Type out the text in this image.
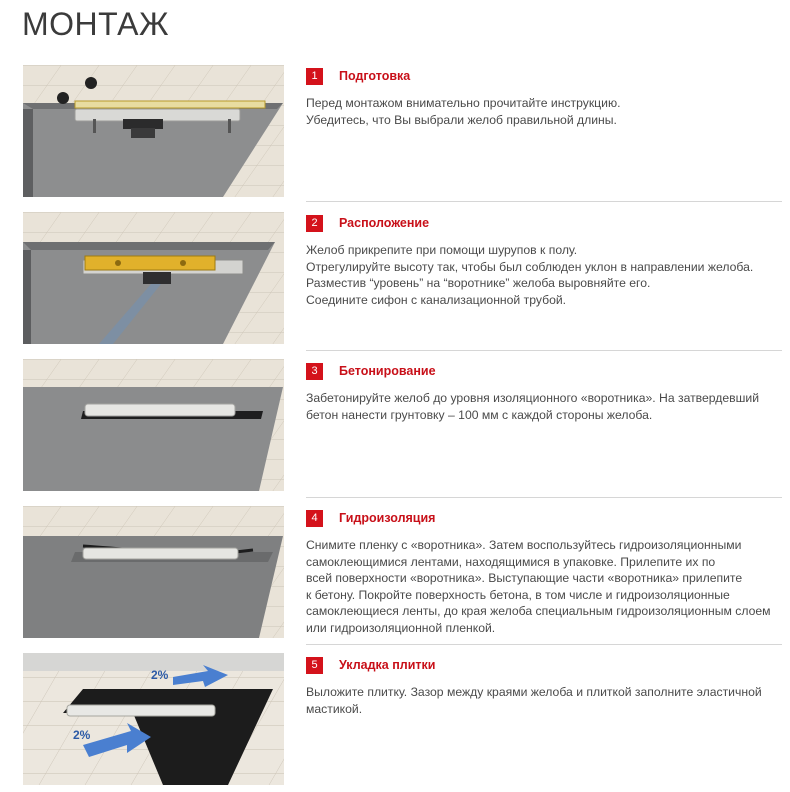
МОНТАЖ
2%
2%
1	Подготовка

Перед монтажом внимательно прочитайте инструкцию.

Убедитесь, что Вы выбрали желоб правильной длины.

2	Расположение

Желоб прикрепите при помощи шурупов к полу.

Отрегулируйте высоту так, чтобы был соблюден уклон в направлении желоба.

Разместив “уровень” на “воротнике” желоба выровняйте его.

Соедините сифон с канализационной трубой.

3	Бетонирование

Забетонируйте желоб до уровня изоляционного «воротника». На затвердевший

бетон нанести грунтовку – 100 мм с каждой стороны желоба.

4	Гидроизоляция

Снимите пленку с «воротника». Затем воспользуйтесь гидроизоляционными

самоклеющимися лентами, находящимися в упаковке. Прилепите их по

всей поверхности «воротника». Выступающие части «воротника» прилепите

к бетону. Покройте поверхность бетона, в том числе и гидроизоляционные

самоклеющиеся ленты, до края желоба специальным гидроизоляционным слоем

или гидроизоляционной пленкой.

5	Укладка плитки

Выложите плитку. Зазор между краями желоба и плиткой заполните эластичной

мастикой.
